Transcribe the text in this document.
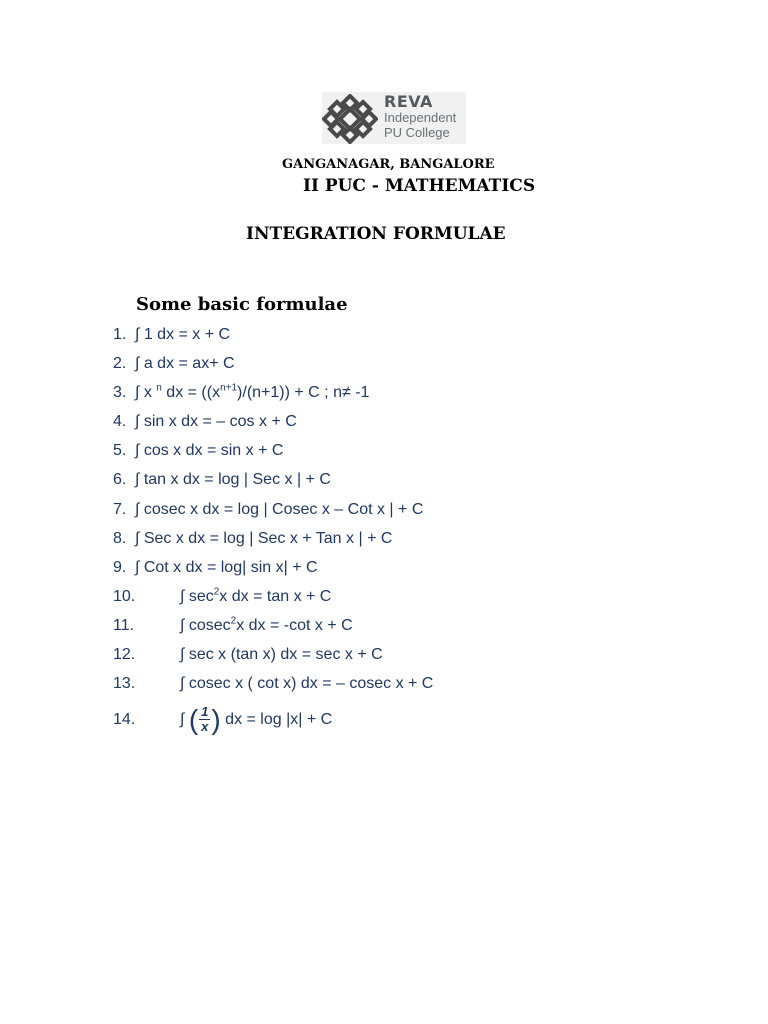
REVA
Independent
PU College
GANGANAGAR, BANGALORE
II PUC - MATHEMATICS
INTEGRATION FORMULAE
Some basic formulae
1. ∫ 1 dx = x + C
2. ∫ a dx = ax+ C
3. ∫ x $^n$ dx = $((x^{n+1})/(n+1)) + C$ ; n≠ -1
4. ∫ sin x dx = – cos x + C
5. ∫ cos x dx = sin x + C
6. ∫ tan x dx = log | Sec x | + C
7. ∫ cosec x dx = log | Cosec x – Cot x | + C
8. ∫ Sec x dx = log | Sec x + Tan x | + C
9. ∫ Cot x dx = log| sin x| + C
10.	∫ $\sec^2x$ dx = tan x + C
11.	∫ cosec$^2$x dx = -cot x + C
12.	∫ sec x (tan x) dx = sec x + C
13.	∫ cosec x ( cot x) dx = – cosec x + C
14.	∫ ( $\frac{1}{x}$ ) dx = log |x| + C
